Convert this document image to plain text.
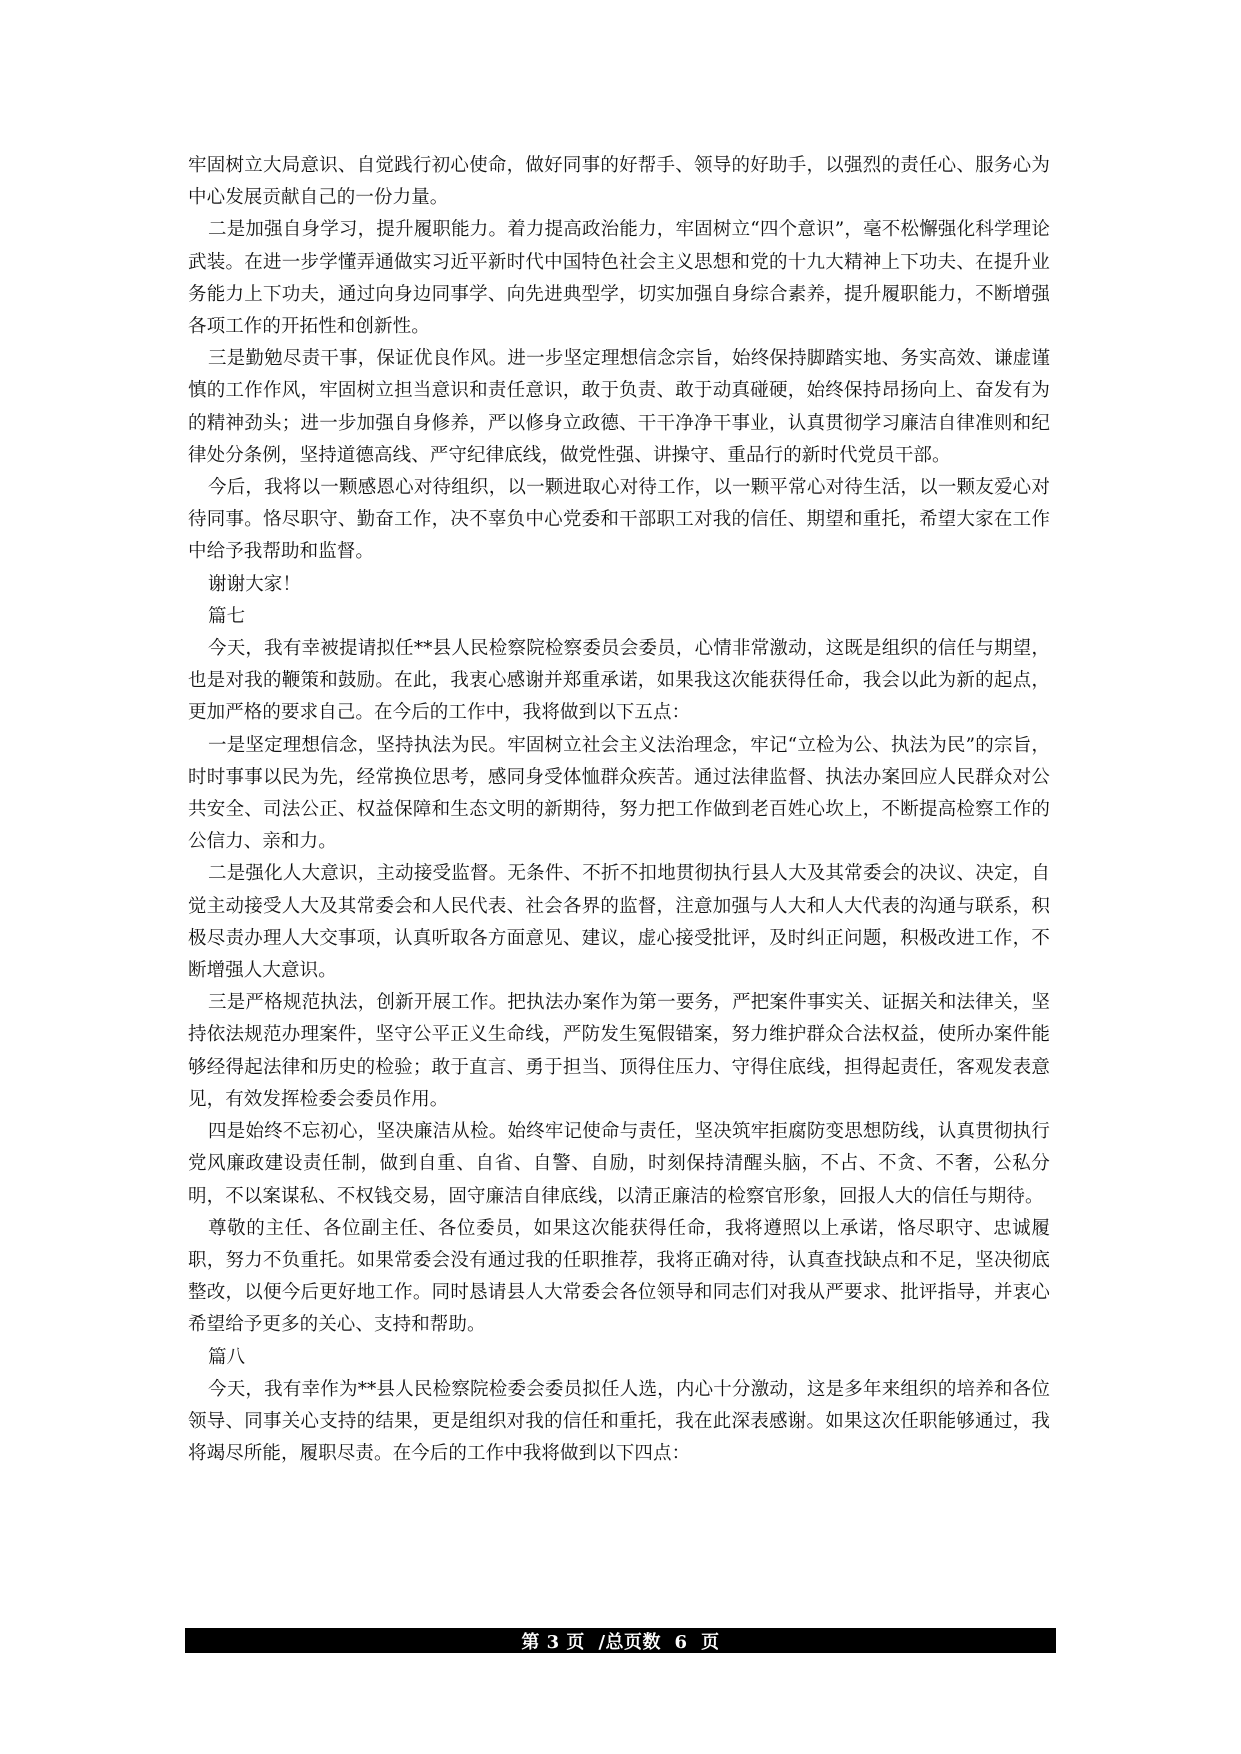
牢固树立大局意识、自觉践行初心使命，做好同事的好帮手、领导的好助手，以强烈的责任心、服务心为中心发展贡献自己的一份力量。

二是加强自身学习，提升履职能力。着力提高政治能力，牢固树立“四个意识”，毫不松懈强化科学理论武装。在进一步学懂弄通做实习近平新时代中国特色社会主义思想和党的十九大精神上下功夫、在提升业务能力上下功夫，通过向身边同事学、向先进典型学，切实加强自身综合素养，提升履职能力，不断增强各项工作的开拓性和创新性。

三是勤勉尽责干事，保证优良作风。进一步坚定理想信念宗旨，始终保持脚踏实地、务实高效、谦虚谨慎的工作作风，牢固树立担当意识和责任意识，敢于负责、敢于动真碰硬，始终保持昂扬向上、奋发有为的精神劲头；进一步加强自身修养，严以修身立政德、干干净净干事业，认真贯彻学习廉洁自律准则和纪律处分条例，坚持道德高线、严守纪律底线，做党性强、讲操守、重品行的新时代党员干部。

今后，我将以一颗感恩心对待组织，以一颗进取心对待工作，以一颗平常心对待生活，以一颗友爱心对待同事。恪尽职守、勤奋工作，决不辜负中心党委和干部职工对我的信任、期望和重托，希望大家在工作中给予我帮助和监督。

谢谢大家！

篇七

今天，我有幸被提请拟任**县人民检察院检察委员会委员，心情非常激动，这既是组织的信任与期望，也是对我的鞭策和鼓励。在此，我衷心感谢并郑重承诺，如果我这次能获得任命，我会以此为新的起点，更加严格的要求自己。在今后的工作中，我将做到以下五点：

一是坚定理想信念，坚持执法为民。牢固树立社会主义法治理念，牢记“立检为公、执法为民”的宗旨，时时事事以民为先，经常换位思考，感同身受体恤群众疾苦。通过法律监督、执法办案回应人民群众对公共安全、司法公正、权益保障和生态文明的新期待，努力把工作做到老百姓心坎上，不断提高检察工作的公信力、亲和力。

二是强化人大意识，主动接受监督。无条件、不折不扣地贯彻执行县人大及其常委会的决议、决定，自觉主动接受人大及其常委会和人民代表、社会各界的监督，注意加强与人大和人大代表的沟通与联系，积极尽责办理人大交事项，认真听取各方面意见、建议，虚心接受批评，及时纠正问题，积极改进工作，不断增强人大意识。

三是严格规范执法，创新开展工作。把执法办案作为第一要务，严把案件事实关、证据关和法律关，坚持依法规范办理案件，坚守公平正义生命线，严防发生冤假错案，努力维护群众合法权益，使所办案件能够经得起法律和历史的检验；敢于直言、勇于担当、顶得住压力、守得住底线，担得起责任，客观发表意见，有效发挥检委会委员作用。

四是始终不忘初心，坚决廉洁从检。始终牢记使命与责任，坚决筑牢拒腐防变思想防线，认真贯彻执行党风廉政建设责任制，做到自重、自省、自警、自励，时刻保持清醒头脑，不占、不贪、不奢，公私分明，不以案谋私、不权钱交易，固守廉洁自律底线，以清正廉洁的检察官形象，回报人大的信任与期待。

尊敬的主任、各位副主任、各位委员，如果这次能获得任命，我将遵照以上承诺，恪尽职守、忠诚履职，努力不负重托。如果常委会没有通过我的任职推荐，我将正确对待，认真查找缺点和不足，坚决彻底整改，以便今后更好地工作。同时恳请县人大常委会各位领导和同志们对我从严要求、批评指导，并衷心希望给予更多的关心、支持和帮助。

篇八

今天，我有幸作为**县人民检察院检委会委员拟任人选，内心十分激动，这是多年来组织的培养和各位领导、同事关心支持的结果，更是组织对我的信任和重托，我在此深表感谢。如果这次任职能够通过，我将竭尽所能，履职尽责。在今后的工作中我将做到以下四点：

第 3 页  /总页数  6  页
